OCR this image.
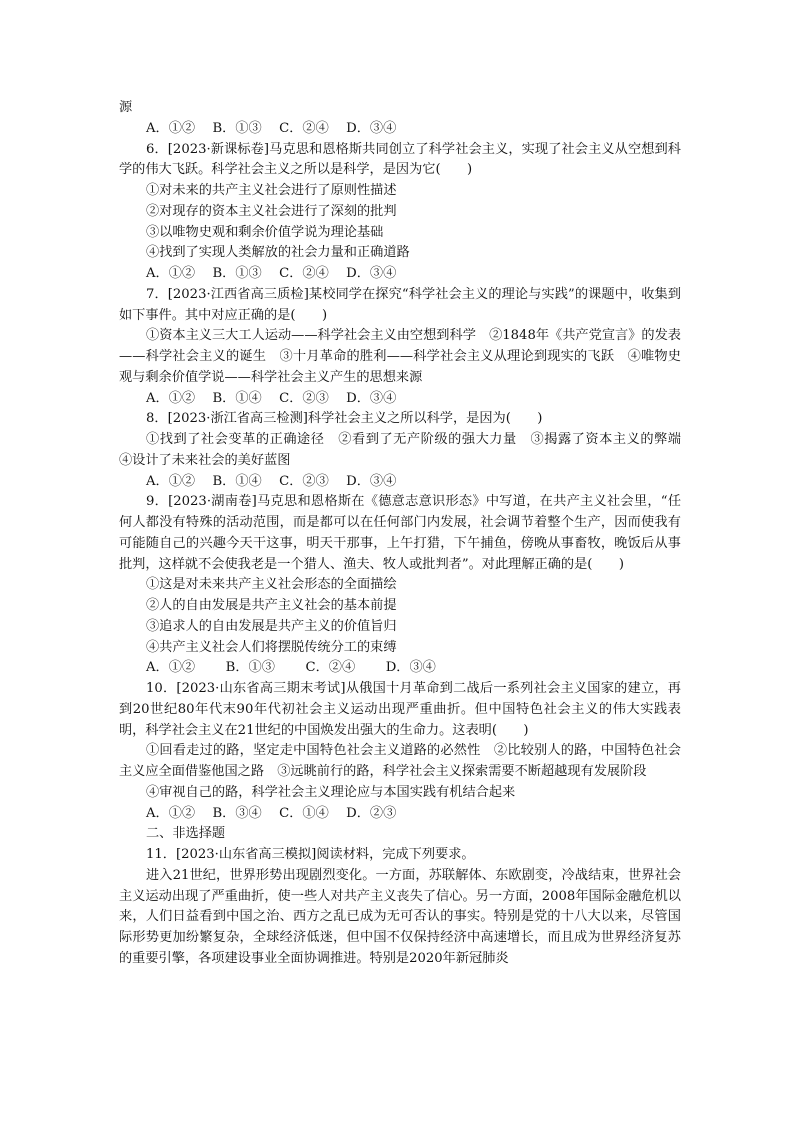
源

A．①②　 B．①③　 C．②④　 D．③④

6．[2023·新课标卷]马克思和恩格斯共同创立了科学社会主义，实现了社会主义从空想到科学的伟大飞跃。科学社会主义之所以是科学，是因为它(　　)

①对未来的共产主义社会进行了原则性描述

②对现存的资本主义社会进行了深刻的批判

③以唯物史观和剩余价值学说为理论基础

④找到了实现人类解放的社会力量和正确道路

A．①②　 B．①③　 C．②④　 D．③④

7．[2023·江西省高三质检]某校同学在探究“科学社会主义的理论与实践”的课题中，收集到如下事件。其中对应正确的是(　　)

①资本主义三大工人运动——科学社会主义由空想到科学　②1848年《共产党宣言》的发表——科学社会主义的诞生　③十月革命的胜利——科学社会主义从理论到现实的飞跃　④唯物史观与剩余价值学说——科学社会主义产生的思想来源

A．①②　 B．①④　 C．②③　 D．③④

8．[2023·浙江省高三检测]科学社会主义之所以科学，是因为(　　)

①找到了社会变革的正确途径　②看到了无产阶级的强大力量　③揭露了资本主义的弊端　④设计了未来社会的美好蓝图

A．①②　 B．①④　 C．②③　 D．③④

9．[2023·湖南卷]马克思和恩格斯在《德意志意识形态》中写道，在共产主义社会里，“任何人都没有特殊的活动范围，而是都可以在任何部门内发展，社会调节着整个生产，因而使我有可能随自己的兴趣今天干这事，明天干那事，上午打猎，下午捕鱼，傍晚从事畜牧，晚饭后从事批判，这样就不会使我老是一个猎人、渔夫、牧人或批判者”。对此理解正确的是(　　)

①这是对未来共产主义社会形态的全面描绘

②人的自由发展是共产主义社会的基本前提

③追求人的自由发展是共产主义的价值旨归

④共产主义社会人们将摆脱传统分工的束缚

A．①②　　 B．①③　　 C．②④　　 D．③④

10．[2023·山东省高三期末考试]从俄国十月革命到二战后一系列社会主义国家的建立，再到20世纪80年代末90年代初社会主义运动出现严重曲折。但中国特色社会主义的伟大实践表明，科学社会主义在21世纪的中国焕发出强大的生命力。这表明(　　)

①回看走过的路，坚定走中国特色社会主义道路的必然性　②比较别人的路，中国特色社会主义应全面借鉴他国之路　③远眺前行的路，科学社会主义探索需要不断超越现有发展阶段

④审视自己的路，科学社会主义理论应与本国实践有机结合起来

A．①②　 B．③④　 C．①④　 D．②③

二、非选择题

11．[2023·山东省高三模拟]阅读材料，完成下列要求。

进入21世纪，世界形势出现剧烈变化。一方面，苏联解体、东欧剧变，冷战结束，世界社会主义运动出现了严重曲折，使一些人对共产主义丧失了信心。另一方面，2008年国际金融危机以来，人们日益看到中国之治、西方之乱已成为无可否认的事实。特别是党的十八大以来，尽管国际形势更加纷繁复杂，全球经济低迷，但中国不仅保持经济中高速增长，而且成为世界经济复苏的重要引擎，各项建设事业全面协调推进。特别是2020年新冠肺炎
